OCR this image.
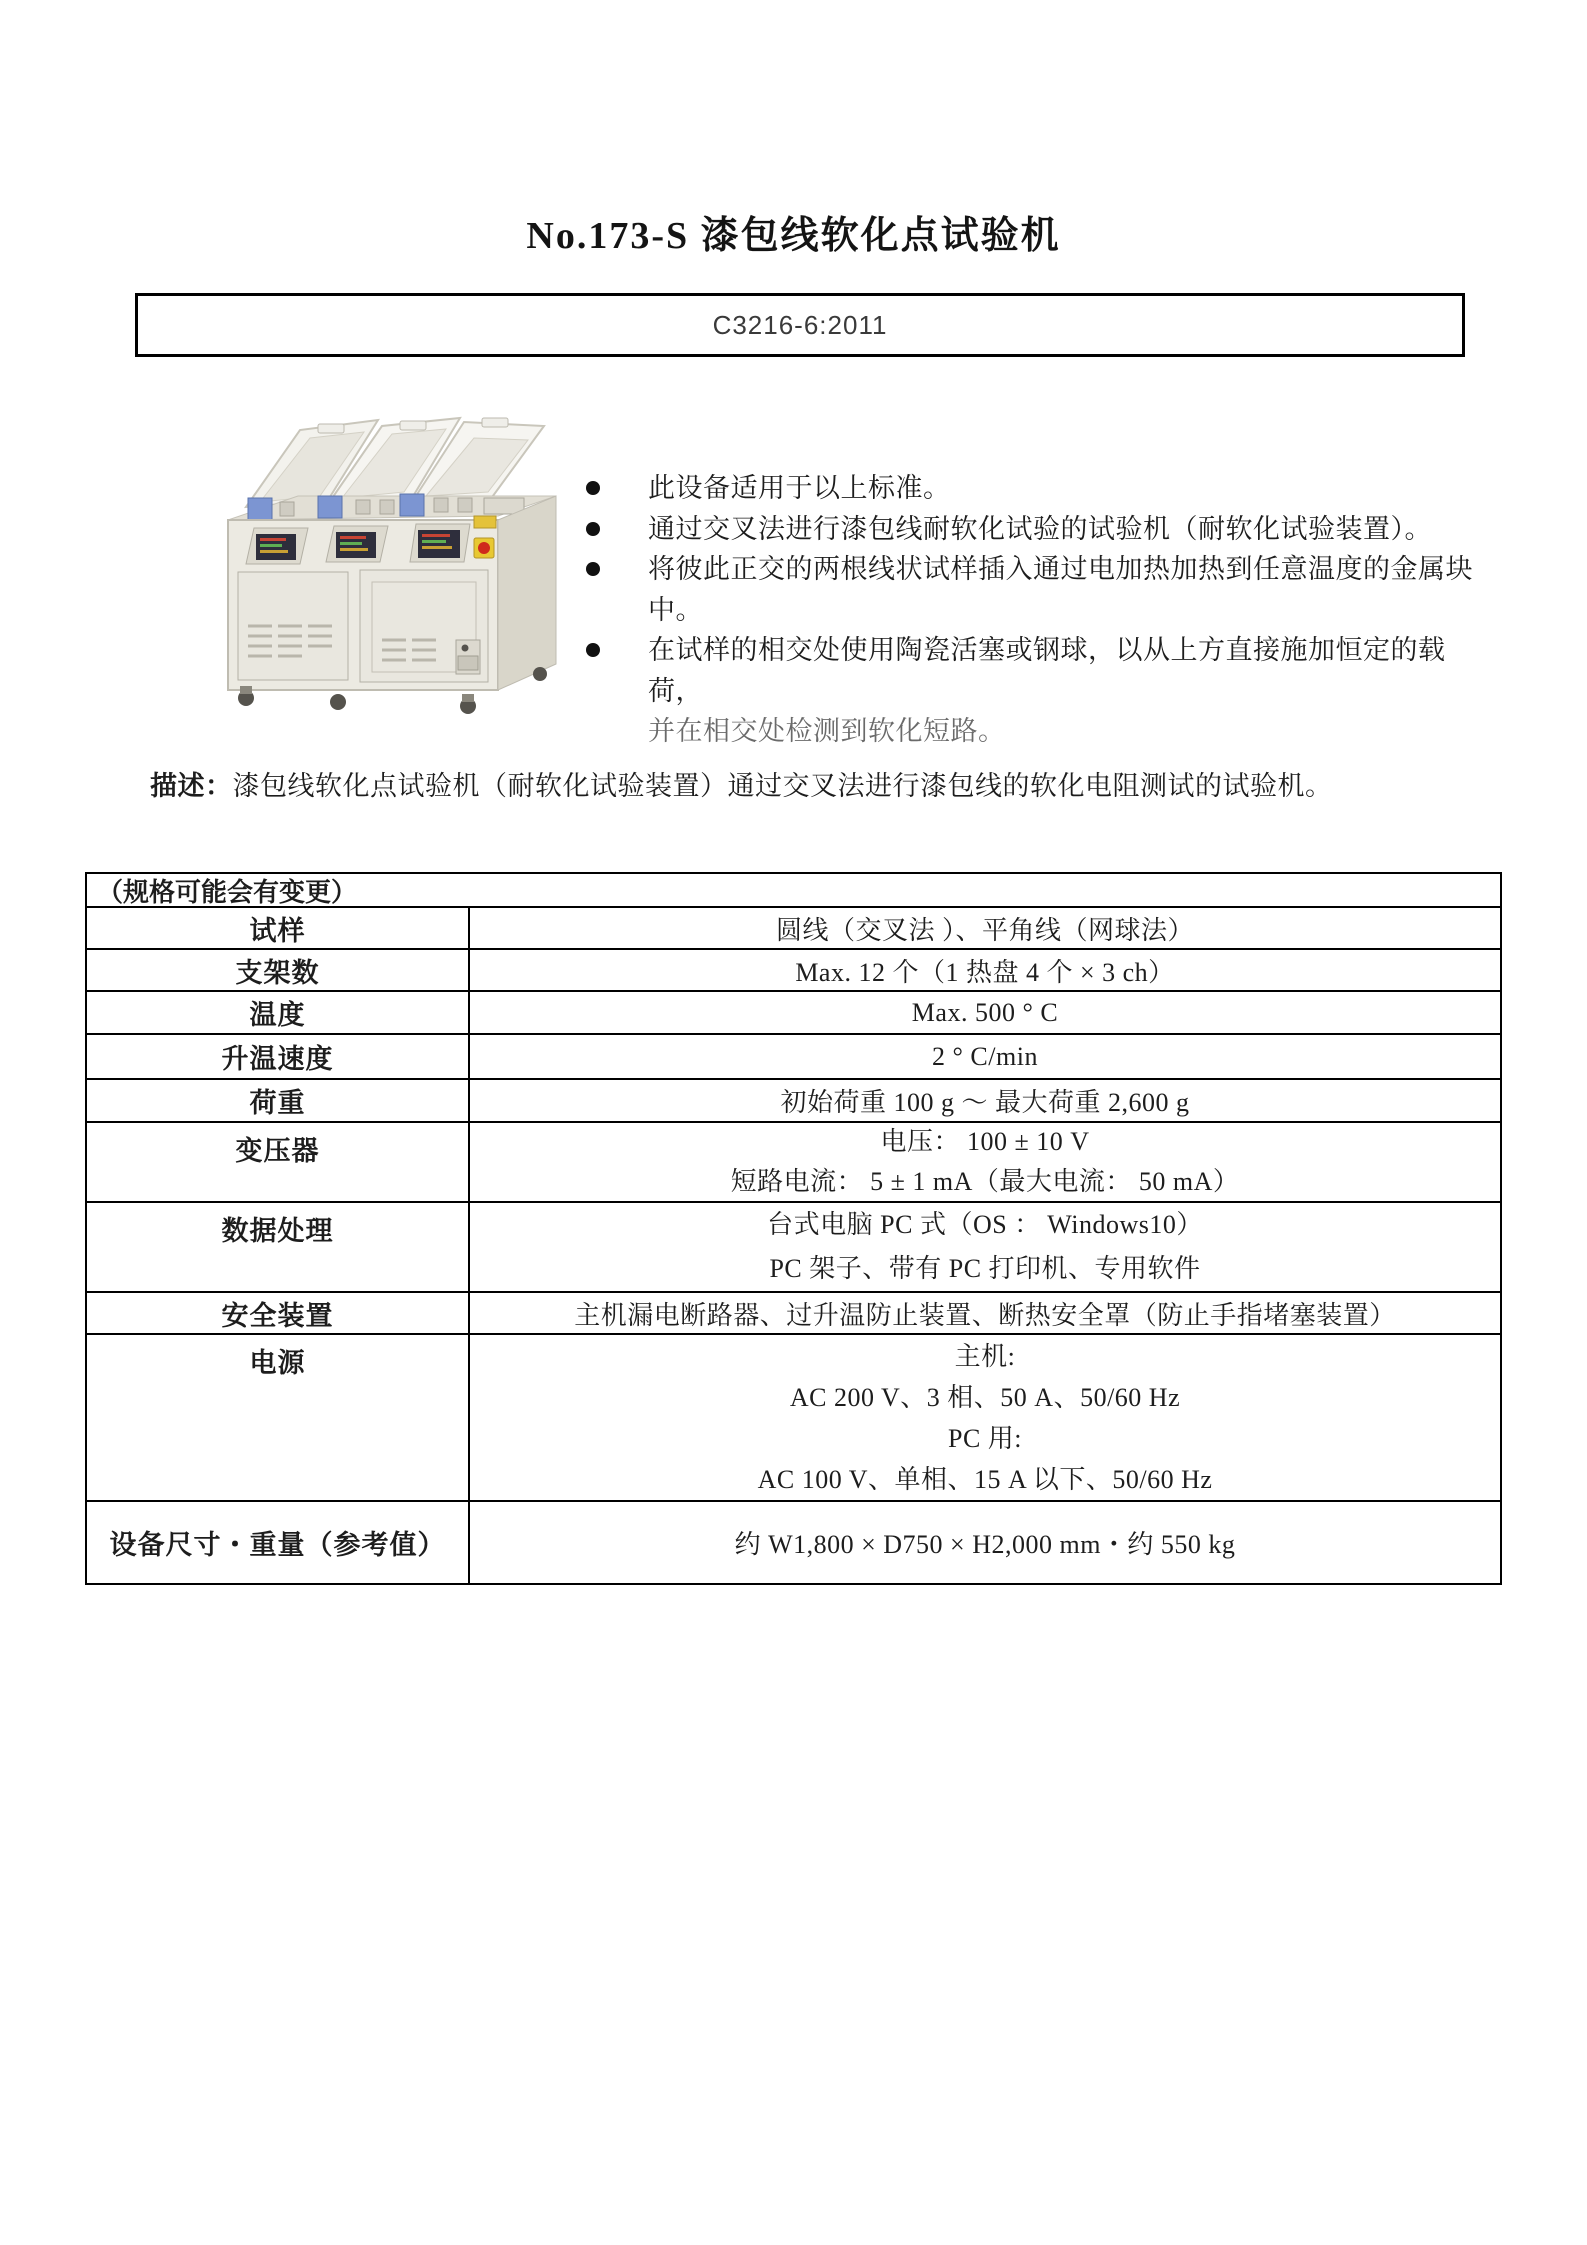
No.173-S 漆包线软化点试验机
C3216-6:2011
此设备适用于以上标准。
通过交叉法进行漆包线耐软化试验的试验机（耐软化试验装置）。
将彼此正交的两根线状试样插入通过电加热加热到任意温度的金属块
中。
在试样的相交处使用陶瓷活塞或钢球，以从上方直接施加恒定的载荷，
并在相交处检测到软化短路。
描述：漆包线软化点试验机（耐软化试验装置）通过交叉法进行漆包线的软化电阻测试的试验机。
（规格可能会有变更）
试样	圆线（交叉法 ）、平角线（网球法）
支架数	Max. 12 个（1 热盘 4 个 × 3 ch）
温度	Max. 500 ° C
升温速度	2 ° C/min
荷重	初始荷重 100 g ～ 最大荷重 2,600 g
变压器	电压： 100 ± 10 V
短路电流： 5 ± 1 mA（最大电流： 50 mA）
数据处理	台式电脑 PC 式（OS ： Windows10）
PC 架子、带有 PC 打印机、专用软件
安全装置	主机漏电断路器、过升温防止装置、断热安全罩（防止手指堵塞装置）
电源	主机:
AC 200 V、3 相、50 A、50/60 Hz
PC 用:
AC 100 V、单相、15 A 以下、50/60 Hz
设备尺寸・重量（参考值）	约 W1,800 × D750 × H2,000 mm・约 550 kg
